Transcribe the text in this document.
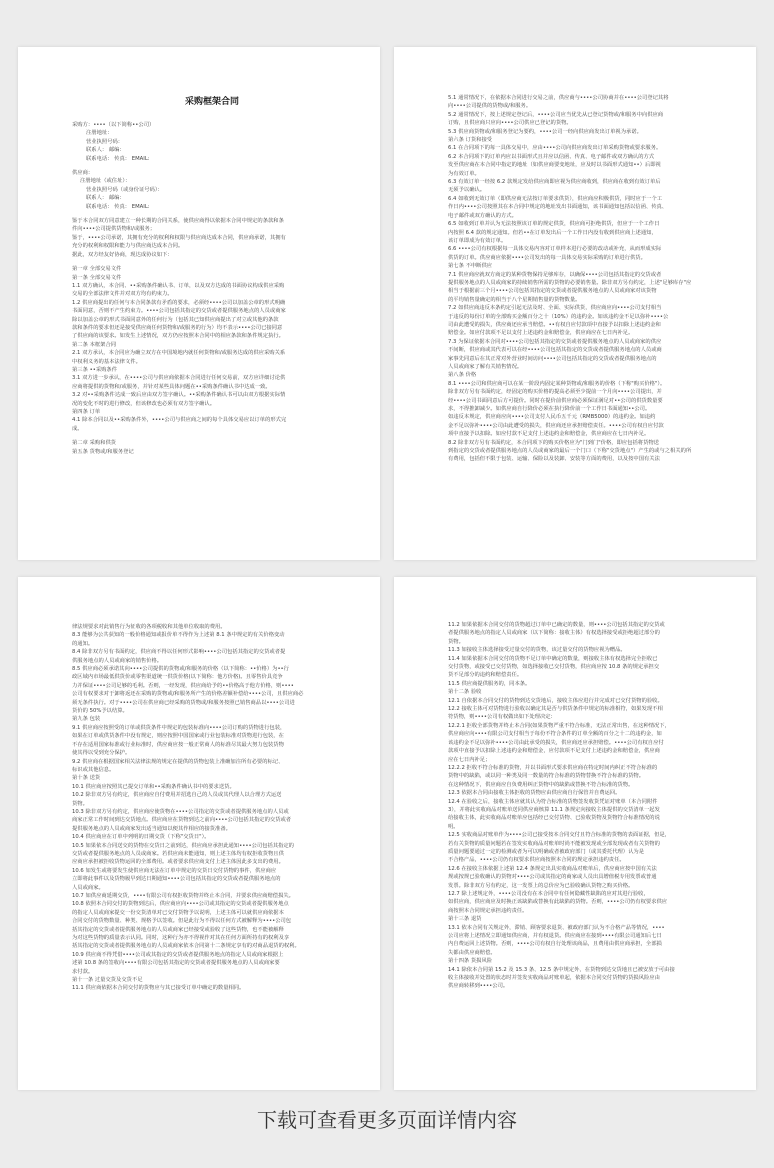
采购框架合同
采购方：••••（以下简称••公司）
注册地址：
营业执照号码：
联系人： 邮编：
联系电话： 传真： EMAIL:
供应商：
注册地址（或住址）：
营业执照号码（或身份证号码）：
联系人： 邮编：
联系电话： 传真： EMAIL:
鉴于本合同双方同意建立一种长期的合同关系，使供应商得以依据本合同中规定的条款和条
件向••••公司提供货物和/或服务；
鉴于，••••公司承诺，其拥有充分的权利和权限与供应商达成本合同，供应商承诺，其拥有
充分的权利和权限和能力与供应商达成本合同。
据此，双方经友好协商，现达成协议如下：
第一章 全部交易文件
第一条 全部交易文件
1.1 双方确认，本合同、••采购条件确认书、订单，以及双方达成的书面协议构成供应采购
交易的全部法律文件并对双方均有约束力。
1.2 供应商提出的任何与本合同条款有矛盾的要求，必须经••••公司以加盖公章的形式明确
书面同意，否则不产生约束力。••••公司包括其指定的交货或者提供服务地点的人员或商家
除以加盖公章的形式书面同意外的任何行为（包括其已知供应商提出了对立或其他的条款
款和条件的要求但还是接受供应商任何货物和/或服务的行为）均不表示••••公司已接同意
了供应商的该要求。如发生上述情况，双方仍应按照本合同中的相应条款和条件规定执行。
第二条 本框架合同
2.1 双方承认，本合同应为确立双方在中国境地内就任何货物和/或服务达成的供应采购关系
中权利义务的基本法律文件。
第三条 ••采购条件
3.1 双方进一步承认，在••••公司与供应商依据本合同进行任何交易前，双方应详细讨论供
应商将提供的货物和/或服务，并针对某些具体问题在••采购条件确认书中达成一致。
3.2 对••采购条件达成一致后应由双方签字确认。••采购条件确认书可以由双方根据实际情
况的变化不时的进行修改，但该修改也必须有双方签字确认。
第四条 订单
4.1 除本合同以及••采购条件外，••••公司与供应商之间的每个具体交易应以订单的形式完
成。
第二章 采购和供货
第五条 货物或/和服务登记
5.1 通常情况下，在依据本合同进行交易之前，供应商与••••公司协商并在••••公司登记其将
向••••公司提供的货物或/和服务。
5.2 通常情况下，按上述规定登记后，••••公司应当优先从已登记货物或/和服务中向供应商
订购，且供应商只应向••••公司供应已登记的货物。
5.3 供应商货物或/和服务登记为要约，••••公司一经向供应商发出订单视为承诺。
第六条 订货和接受
6.1 在合同项下的每一具体交易中，应由••••公司向供应商发出订单采购货物或要求服务。
6.2 本合同项下的订单内应以书面形式且并应以信函、传真、电子邮件或双方确认的方式
发至供应商在本合同中指定的地址（如供应商要变地址，应及时以书面形式通知••）后即视
为有效订单。
6.3 有效订单一经按 6.2 款规定发给供应商即应视为供应商收到，供应商在收到有效订单后
无须予以确认。
6.4 如收到无效订单（即供应商无法按订单要求供货），供应商应积极供货，同时应于一个工
作日内••••公司按照其在本合同中规定的地址发出书面通知，该书面通知包括以信函、传真、
电子邮件或双方确认的方式。
6.5 如收到订单并认为无法按照该订单的规定供货，供应商可拒绝供货，但应于一个工作日
内按照 6.4 款的规定通知。但若••在订单发出后一个工作日内没有收到供应商上述通知，
该订单即成为有效订单。
6.6 ••••公司有权根据每一具体交易内容对订单样本进行必要的改动或补充，从而形成实际
供货的订单。供应商应依据••••公司发出的每一具体交易实际采购的订单进行供货。
第七条 不申断供应
7.1 供应商应就双方商定的某种货物保持足够库存，以确保••••公司包括其指定的交货或者
提供服务地点的人员或商家的持续销售所需的货物的必要销售量。除非双方另有约定，上述"足够库存"应
相当于根据前三个月••••公司包括其指定的交货或者提供服务地点的人员或商家对该货物
的平均销售量确定的相当于八个星期销售量的货物数量。
7.2 如供应商违反本条约定引起无法及时、全面、实际供货，供应商应向••••公司支付相当
于违反的每份订单的全部购买金额百分之十（10%）的违约金。如该违约金不足以弥补••••公
司由此遭受的损失，供应商还应承当赔偿。••有权自应付款项中直接予以扣除上述违约金和
赔偿金。如应付款项不足以支付上述违约金和赔偿金，供应商应在七日内补足。
7.3 为保证依据本合同对••••公司包括其指定的交货或者提供服务地点的人员或商家的供应
不间断，供应商或其代表可以在经••••公司包括其指定的交货或者提供服务地点的人员或商
家事先同意后在其正常对外营业时间访问••••公司包括其指定的交货或者提供服务地点的
人员或商家了解有关销售情况。
第八条 价格
8.1 ••••公司和供应商可以在某一阶段内固定某种货物或/和服务的价格（下称"购买价格"）。
除非双方另有书面约定，经固定的购买价格的提高必须至少提前一个月向••••公司提出，并
经••••公司书面同意后方可提价。同时在提价前供应商必须保证满足对••公司的供货数量要
求，不得推卸减少。如供应商自行降价必须在执行降价前一个工作日书面通知••公司。
如违反本规定，供应商应向••••公司支付人民币五千元（RMB5000）的违约金。如违约
金不足以弥补••••公司由此遭受的损失，供应商还应承担赔偿责任。••••公司有权自应付款
项中直接予以扣除。如应付款不足支付上述违约金和赔偿金，供应商应在七日内补足。
8.2 除非双方另有书面约定，本合同项下的购买价格应为"门到门"价格，即应包括将货物送
到指定的交货或者提供服务地点的人员或商家的最后一个门口（下称"交货地点"）产生的或与之相关的所
有费用，包括但不限于包装、运输、保险以及装卸、安装等方面的费用，以及按中国有关法
律法规要求对此销售行为征收的各项税收和其他单位收取的费用。
8.3 能够为公共获知的一般价格通知或报价单不得作为上述第 8.1 条中规定的有关价格变动
的通知。
8.4 除非双方另有书面约定，供应商不得以任何形式影响••••公司包括其指定的交货或者提
供服务地点的人员或商家的销售价格。
8.5 供应商必须承诺其向••••公司提供的货物或/和服务的价格（以下简称：••价格）为••行
政区域内市场最低供货价或零售渠道统一供货价格(以下简称：他方价格)。且零售价具竞争
力并保证••••公司足够的毛利。否则，一经发现，供应商给予的••价格高于他方价格，则••••
公司有权要求对于卸将返还在采购的货物或/和服务所产生的价格差额补偿给••••公司，且供应商必
须无条件执行。对于••••公司在供应商已经采购的货物或/和服务按照已销售商品以••••公司进
货价的 50%予以结算。
第九条 包装
9.1 供应商应按照受的订单或供货条件中规定的包装标准向••••公司订购的货物进行包装，
如果在订单或供货条件中没有规定，则应按照中国国家或行业包装标准对货物进行包装，在
不存在适用国家标准或行业标准时，供应商应按一般正常商人的标准尽其最大努力包装货物
使其得以受到充分保护。
9.2 供应商在根据国家相关法律法规的规定在提供的货物包装上准确加注所有必要的标记、
标识或其他信息。
第十条 送货
10.1 供应商应按照其已提交订单和••采购条件确认书中的要求送货。
10.2 除非双方另有约定，供应商应自付费用并招选自己的人员或其代理人以合理方式运送
货物。
10.3 除非双方另有约定，供应商应使货物在••••公司指定的交货或者提供服务地点的人员或
商家正常工作时间到达交货地点。供应商应在货物到达之前向••••公司包括其指定的交货或者
提供服务地点的人员或商家发出适当通知以便其作相应的接货准备。
10.4 供应商应在订单中列明的日期交货（下称"交货日"）。
10.5 如果依本合同送交的货物在交货日之前到达，供应商应承担此通知••••公司包括其指定的
交货或者提供服务地点的人员或商家。若供应商未能通知，则上述主体均有权拒收货物且供
应商应承担被拒收货物运回的全部费用。或者要求供应商支付上述主体因此多支出的费用。
10.6 如发生或将要发生使供应商无法在订单中规定的交货日交付货物的事件，供应商应
立即将此事件以及货物履早到达日期通知••••公司包括其指定的交货或者提供服务地点的
人员或商家。
10.7 如供应商延期交货，••••有限公司有权拒收货物并终止本合同，并要求供应商赔偿损失。
10.8 依照本合同交付的货物到达后，供应商应向••••公司或其指定的交货或者提供服务地点
的指定人员或商家提交一份交货清单对已交付货物予以说明，上述主体可以就供应商依据本
合同交付的货物数量、种类、规格予以签收。但是此行为不得以任何方式被解释为••••公司包
括其指定的交货或者提供服务地点的人员或商家已经接受或验收了这些货物，也不能被解释
为对这些货物的质量表示认同。同时，这种行为亦不得视作对其在任何方面所持有的权利及享
括其指定的交货或者提供服务地点的人员或商家依本合同第十二条规定享有的对商品退货的权利。
10.9 供应商不得凭借••••公司或其指定的交货或者提供服务地点的指定人员或商家根据上
述第 10.8 条的签收向••••有限公司包括其指定的交货或者提供服务地点的人员或商家要
求付款。
第十一条 过量交货及交货不足
11.1 供应商依据本合同交付的货物应与其已接受订单中确定的数量相同。
11.2 如果依据本合同交付的货物超过订单中已确定的数量，则••••公司包括其指定的交货或
者提供服务地点的指定人员或商家（以下简称：接收主体）有权选择接受或拒绝超过部分的
货物。
11.3 如接收主体选择接受过量交付的货物，该过量交付的货物应视为赠品。
11.4 如果依据本合同交付的货物不足订单中确定的数量，则接收主体有权选择完全拒收已
交付货物，或接受已交付货物，如选择接收已交付货物，供应商应按 10.8 条的规定承担交
货不足部分的违约和赔偿责任。
11.5 供应商提供服务的，同本条。
第十二条 验收
12.1 自依据本合同交付的货物到达交货地后，接收主体应进行并完成对已交付货物的验收。
12.2 接收主体可对货物进行验收以确定其是否与供货条件中规定的标准相符，如果发现不相
符货物，则••••公司有权做出如下处理决定：
12.2.1 拒收全部货物并终止本合同(如果货物严重不符合标准，无法正常出售，在这种情况下，
供应商应向••••有限公司支付相当于每份不符合条件的订单全额的百分之十二的违约金，如
该违约金不足以弥补••••公司由此承受的损失，供应商还应承担赔偿。••••公司有权自应付
款项中直接予以扣除上述违约金和赔偿金，应付款项不足支付上述违约金和赔偿金，供应商
应在七日内补足；
12.2.2 拒收不符合标准的货物，并以书面形式要求供应商在特定时间内纠正不符合标准的
货物中的缺陷，或以同一种类及同一数量的符合标准的货物替换不符合标准的货物。
在这种情况下，供应商应自负费用纠正货物中的缺陷或替换不符合标准的货物。
12.3 依据本合同由接收主体拒收的货物应由供应商自行保管并自费运回。
12.4 在验收之后，接收主体应就其认为符合标准的货物签发收货凭证对账单（本合同附件
3），并将此实收商品对账单送同供应商核算 11.1 条规定向接收主体提供的交货清单一起发
给接收主体，此实收商品对账单应包括经已交付货物、已验收货物及货物符合标准情况的说
明。
12.5 实收商品对账单作为••••公司已接受按本合同交付且符合标准的货物的表面证据，但是，
若有关货物的质量问题若在签发实收商品对账单时尚不能被发现或全部发现或者有关货物的
质量问题要通过一定的检测或者为可以明确或者被政府部门（或其委托代理）认为是
不合格产品，••••公司仍有权要求供应商按照本合同的规定承担违约责任。
12.6 在接收主体依据上述第 12.4 条规定出具实收商品对账单后，供应商应按中国有关法
规或按规已验收确认的货物对••••公司或其指定的商家或人员出具增值税专用发票或普通
发票。除非双方另有约定，这一发票上的总价应为已验收确认货物之购买价格。
12.7 除上述规定外，••••公司没有在本合同中有任何隐藏性缺陷的应对其进行验收，
如供应商，供应商应及时换正该缺陷或替换有此缺陷的货物。否则，••••公司仍有权要求供应
商按照本合同规定承担违约责任。
第十三条 退货
13.1 依本合同有关规定外，滞销、顾客要求退货、被政府部门认为不合格产品等情况，••••
公司应将上述情况立即通知供应商，并有权退货。供应商应在接到••••有限公司通知后七日
内自费运回上述货物。否则，••••公司有权自行处理该商品，且费用由供应商承担，全部损
失都由供应商赔偿。
第十四条 货损风险
14.1 除依本合同第 15.2 及 15.3 条、12.5 条中规定外，在货物到达交货地且已被安放于可由接
收主体接收并处置的状态时并签发实收商品对账单起，依据本合同交付货物的货损风险应由
供应商转移到••••公司。
下载可查看更多页面详情内容
